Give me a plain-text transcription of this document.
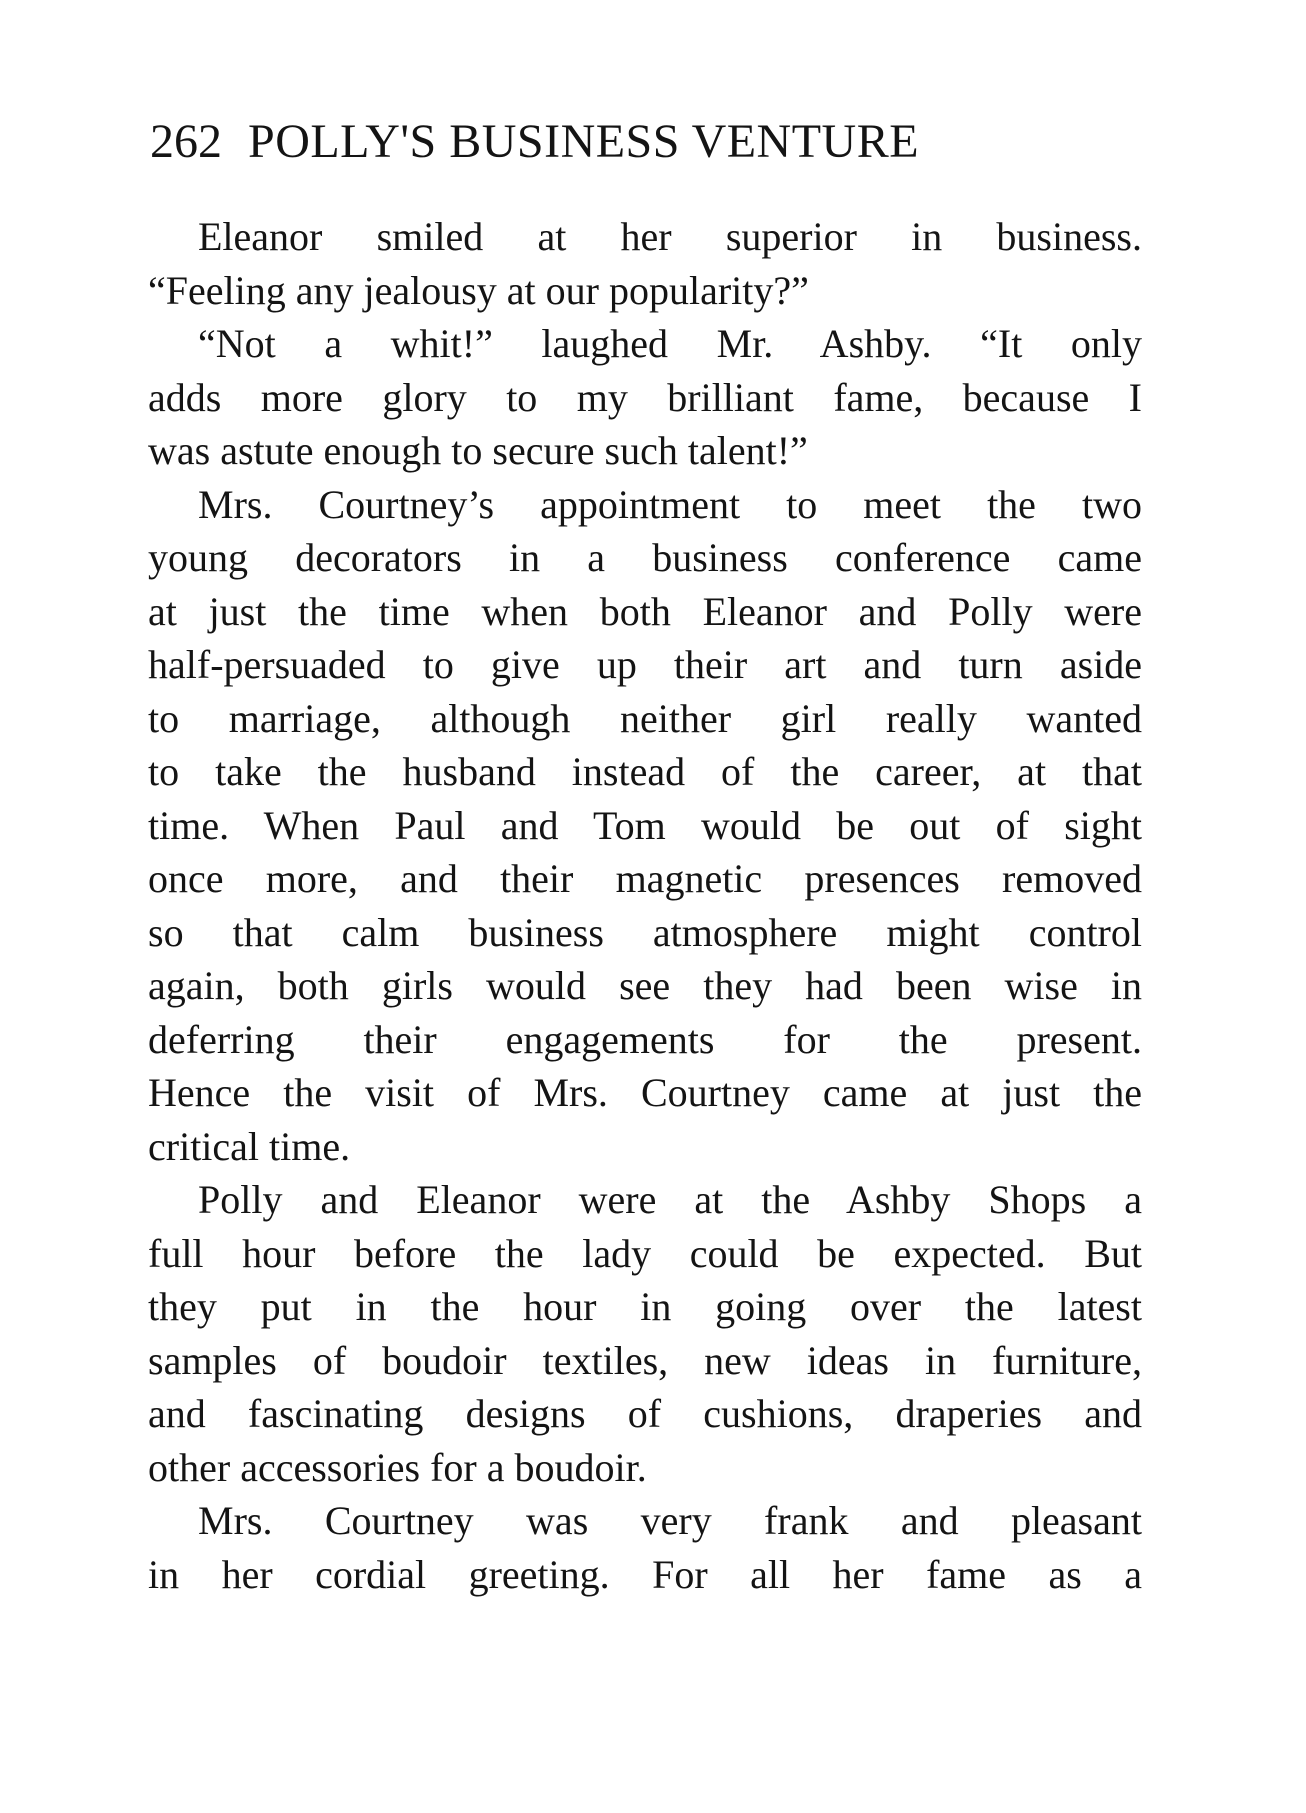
262 POLLY'S BUSINESS VENTURE
Eleanor smiled at her superior in business.
“Feeling any jealousy at our popularity?”
“Not a whit!” laughed Mr. Ashby. “It only
adds more glory to my brilliant fame, because I
was astute enough to secure such talent!”
Mrs. Courtney’s appointment to meet the two
young decorators in a business conference came
at just the time when both Eleanor and Polly were
half-persuaded to give up their art and turn aside
to marriage, although neither girl really wanted
to take the husband instead of the career, at that
time. When Paul and Tom would be out of sight
once more, and their magnetic presences removed
so that calm business atmosphere might control
again, both girls would see they had been wise in
deferring their engagements for the present.
Hence the visit of Mrs. Courtney came at just the
critical time.
Polly and Eleanor were at the Ashby Shops a
full hour before the lady could be expected. But
they put in the hour in going over the latest
samples of boudoir textiles, new ideas in furniture,
and fascinating designs of cushions, draperies and
other accessories for a boudoir.
Mrs. Courtney was very frank and pleasant
in her cordial greeting. For all her fame as a
